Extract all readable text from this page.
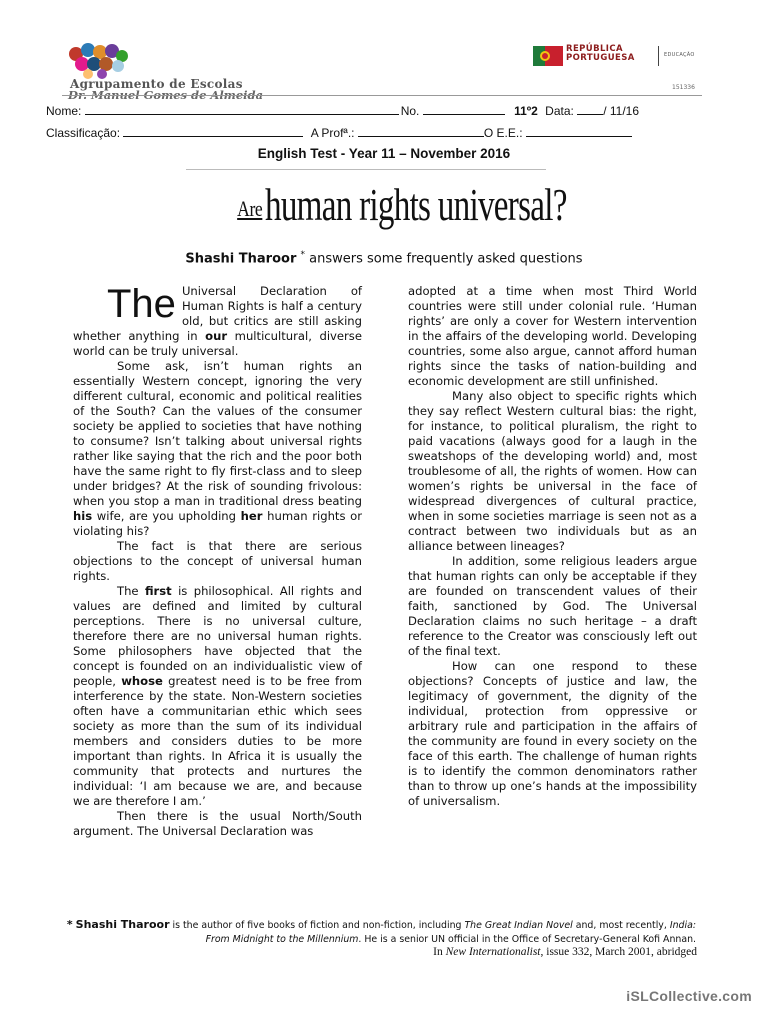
Agrupamento de Escolas
Dr. Manuel Gomes de Almeida
REPÚBLICA
PORTUGUESA	EDUCAÇÃO
151336
Nome:	No.	11º2 Data: / 11/16
Classificação:	A Profª.:	O E.E.:
English Test - Year 11 – November 2016
Arehuman rights universal?
Shashi Tharoor * answers some frequently asked questions

The Universal Declaration of Human Rights is half a century old, but critics are still asking whether anything in our multicultural, diverse world can be truly universal.

Some ask, isn’t human rights an essentially Western concept, ignoring the very different cultural, economic and political realities of the South? Can the values of the consumer society be applied to societies that have nothing to consume? Isn’t talking about universal rights rather like saying that the rich and the poor both have the same right to fly first-class and to sleep under bridges? At the risk of sounding frivolous: when you stop a man in traditional dress beating his wife, are you upholding her human rights or violating his?

The fact is that there are serious objections to the concept of universal human rights.

The first is philosophical. All rights and values are defined and limited by cultural perceptions. There is no universal culture, therefore there are no universal human rights. Some philosophers have objected that the concept is founded on an individualistic view of people, whose greatest need is to be free from interference by the state. Non-Western societies often have a communitarian ethic which sees society as more than the sum of its individual members and considers duties to be more important than rights. In Africa it is usually the community that protects and nurtures the individual: ‘I am because we are, and because we are therefore I am.’

Then there is the usual North/South argument. The Universal Declaration was

adopted at a time when most Third World countries were still under colonial rule. ‘Human rights’ are only a cover for Western intervention in the affairs of the developing world. Developing countries, some also argue, cannot afford human rights since the tasks of nation-building and economic development are still unfinished.

Many also object to specific rights which they say reflect Western cultural bias: the right, for instance, to political pluralism, the right to paid vacations (always good for a laugh in the sweatshops of the developing world) and, most troublesome of all, the rights of women. How can women’s rights be universal in the face of widespread divergences of cultural practice, when in some societies marriage is seen not as a contract between two individuals but as an alliance between lineages?

In addition, some religious leaders argue that human rights can only be acceptable if they are founded on transcendent values of their faith, sanctioned by God. The Universal Declaration claims no such heritage – a draft reference to the Creator was consciously left out of the final text.

How can one respond to these objections? Concepts of justice and law, the legitimacy of government, the dignity of the individual, protection from oppressive or arbitrary rule and participation in the affairs of the community are found in every society on the face of this earth. The challenge of human rights is to identify the common denominators rather than to throw up one’s hands at the impossibility of universalism.

* Shashi Tharoor is the author of five books of fiction and non-fiction, including The Great Indian Novel and, most recently, India: From Midnight to the Millennium. He is a senior UN official in the Office of Secretary-General Kofi Annan.
In New Internationalist, issue 332, March 2001, abridged
iSLCollective.com
